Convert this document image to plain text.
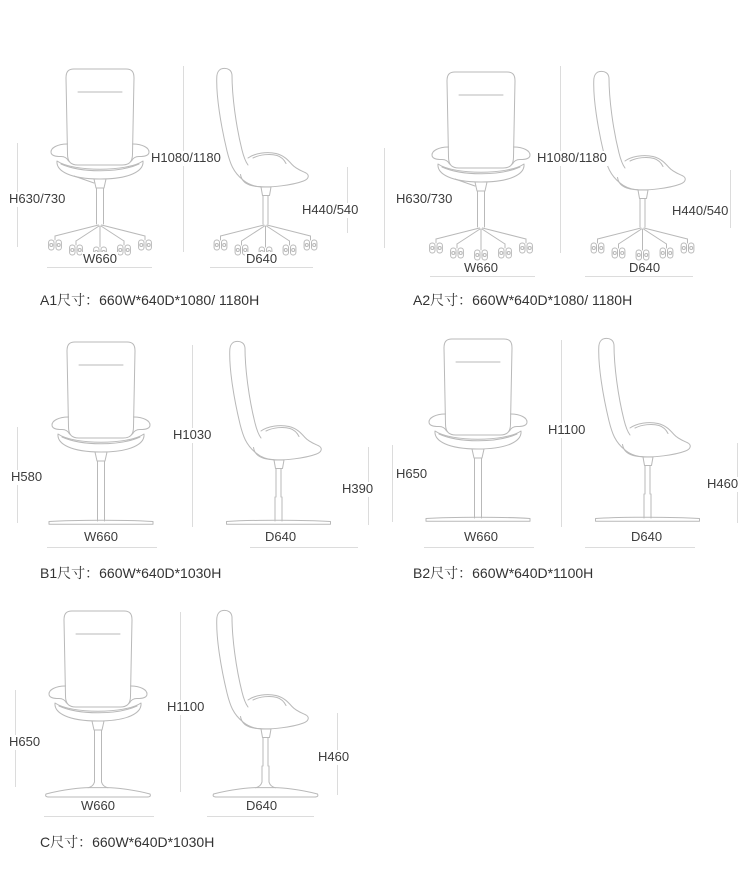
H630/730
H1080/1180
H440/540
W660	D640
A1尺寸：660W*640D*1080/ 1180H
H630/730
H1080/1180
H440/540
W660	D640
A2尺寸：660W*640D*1080/ 1180H
H580
H1030
H390
W660	D640
B1尺寸：660W*640D*1030H
H650
H1100
H460
W660	D640
B2尺寸：660W*640D*1100H
H650
H1100
H460
W660	D640
C尺寸：660W*640D*1030H
